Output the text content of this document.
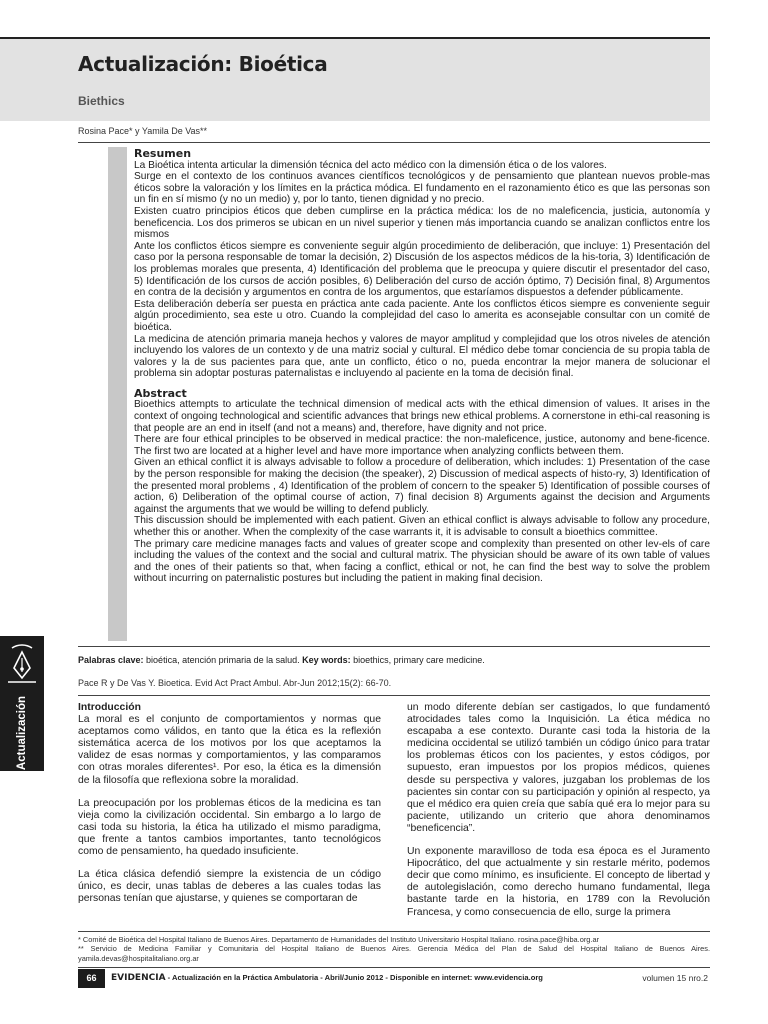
Actualización: Bioética
Biethics
Rosina Pace* y Yamila De Vas**
Resumen

La Bioética intenta articular la dimensión técnica del acto médico con la dimensión ética o de los valores.

Surge en el contexto de los continuos avances científicos tecnológicos y de pensamiento que plantean nuevos proble-mas éticos sobre la valoración y los límites en la práctica módica. El fundamento en el razonamiento ético es que las personas son un fin en sí mismo (y no un medio) y, por lo tanto, tienen dignidad y no precio.

Existen cuatro principios éticos que deben cumplirse en la práctica médica: los de no maleficencia, justicia, autonomía y beneficencia. Los dos primeros se ubican en un nivel superior y tienen más importancia cuando se analizan conflictos entre los mismos

Ante los conflictos éticos siempre es conveniente seguir algún procedimiento de deliberación, que incluye: 1) Presentación del caso por la persona responsable de tomar la decisión, 2) Discusión de los aspectos médicos de la his-toria, 3) Identificación de los problemas morales que presenta, 4) Identificación del problema que le preocupa y quiere discutir el presentador del caso, 5) Identificación de los cursos de acción posibles, 6) Deliberación del curso de acción óptimo, 7) Decisión final, 8) Argumentos en contra de la decisión y argumentos en contra de los argumentos, que estaríamos dispuestos a defender públicamente.

Esta deliberación debería ser puesta en práctica ante cada paciente. Ante los conflictos éticos siempre es conveniente seguir algún procedimiento, sea este u otro. Cuando la complejidad del caso lo amerita es aconsejable consultar con un comité de bioética.

La medicina de atención primaria maneja hechos y valores de mayor amplitud y complejidad que los otros niveles de atención incluyendo los valores de un contexto y de una matriz social y cultural. El médico debe tomar conciencia de su propia tabla de valores y la de sus pacientes para que, ante un conflicto, ético o no, pueda encontrar la mejor manera de solucionar el problema sin adoptar posturas paternalistas e incluyendo al paciente en la toma de decisión final.

Abstract

Bioethics attempts to articulate the technical dimension of medical acts with the ethical dimension of values. It arises in the context of ongoing technological and scientific advances that brings new ethical problems. A cornerstone in ethi-cal reasoning is that people are an end in itself (and not a means) and, therefore, have dignity and not price.

There are four ethical principles to be observed in medical practice: the non-maleficence, justice, autonomy and bene-ficence. The first two are located at a higher level and have more importance when analyzing conflicts between them.

Given an ethical conflict it is always advisable to follow a procedure of deliberation, which includes: 1) Presentation of the case by the person responsible for making the decision (the speaker), 2) Discussion of medical aspects of histo-ry, 3) Identification of the presented moral problems , 4) Identification of the problem of concern to the speaker 5) Identification of possible courses of action, 6) Deliberation of the optimal course of action, 7) final decision 8) Arguments against the decision and Arguments against the arguments that we would be willing to defend publicly.

This discussion should be implemented with each patient. Given an ethical conflict is always advisable to follow any procedure, whether this or another. When the complexity of the case warrants it, it is advisable to consult a bioethics committee.

The primary care medicine manages facts and values of greater scope and complexity than presented on other lev-els of care including the values of the context and the social and cultural matrix. The physician should be aware of its own table of values and the ones of their patients so that, when facing a conflict, ethical or not, he can find the best way to solve the problem without incurring on paternalistic postures but including the patient in making final decision.

Palabras clave: bioética, atención primaria de la salud. Key words: bioethics, primary care medicine.
Pace R y De Vas Y. Bioetica. Evid Act Pract Ambul. Abr-Jun 2012;15(2): 66-70.
Actualización	Introducción

La moral es el conjunto de comportamientos y normas que aceptamos como válidos, en tanto que la ética es la reflexión sistemática acerca de los motivos por los que aceptamos la validez de esas normas y comportamientos, y las comparamos con otras morales diferentes¹. Por eso, la ética es la dimensión de la filosofía que reflexiona sobre la moralidad.

La preocupación por los problemas éticos de la medicina es tan vieja como la civilización occidental. Sin embargo a lo largo de casi toda su historia, la ética ha utilizado el mismo paradigma, que frente a tantos cambios importantes, tanto tecnológicos como de pensamiento, ha quedado insuficiente.

La ética clásica defendió siempre la existencia de un código único, es decir, unas tablas de deberes a las cuales todas las personas tenían que ajustarse, y quienes se comportaran de

un modo diferente debían ser castigados, lo que fundamentó atrocidades tales como la Inquisición. La ética médica no escapaba a ese contexto. Durante casi toda la historia de la medicina occidental se utilizó también un código único para tratar los problemas éticos con los pacientes, y estos códigos, por supuesto, eran impuestos por los propios médicos, quienes desde su perspectiva y valores, juzgaban los problemas de los pacientes sin contar con su participación y opinión al respecto, ya que el médico era quien creía que sabía qué era lo mejor para su paciente, utilizando un criterio que ahora denominamos “beneficencia”.

Un exponente maravilloso de toda esa época es el Juramento Hipocrático, del que actualmente y sin restarle mérito, podemos decir que como mínimo, es insuficiente. El concepto de libertad y de autolegislación, como derecho humano fundamental, llega bastante tarde en la historia, en 1789 con la Revolución Francesa, y como consecuencia de ello, surge la primera

* Comité de Bioética del Hospital Italiano de Buenos Aires. Departamento de Humanidades del Instituto Universitario Hospital Italiano. rosina.pace@hiba.org.ar

** Servicio de Medicina Familiar y Comunitaria del Hospital Italiano de Buenos Aires. Gerencia Médica del Plan de Salud del Hospital Italiano de Buenos Aires. yamila.devas@hospitalitaliano.org.ar

66	EVIDENCIA - Actualización en la Práctica Ambulatoria - Abril/Junio 2012 - Disponible en internet: www.evidencia.org	volumen 15 nro.2
